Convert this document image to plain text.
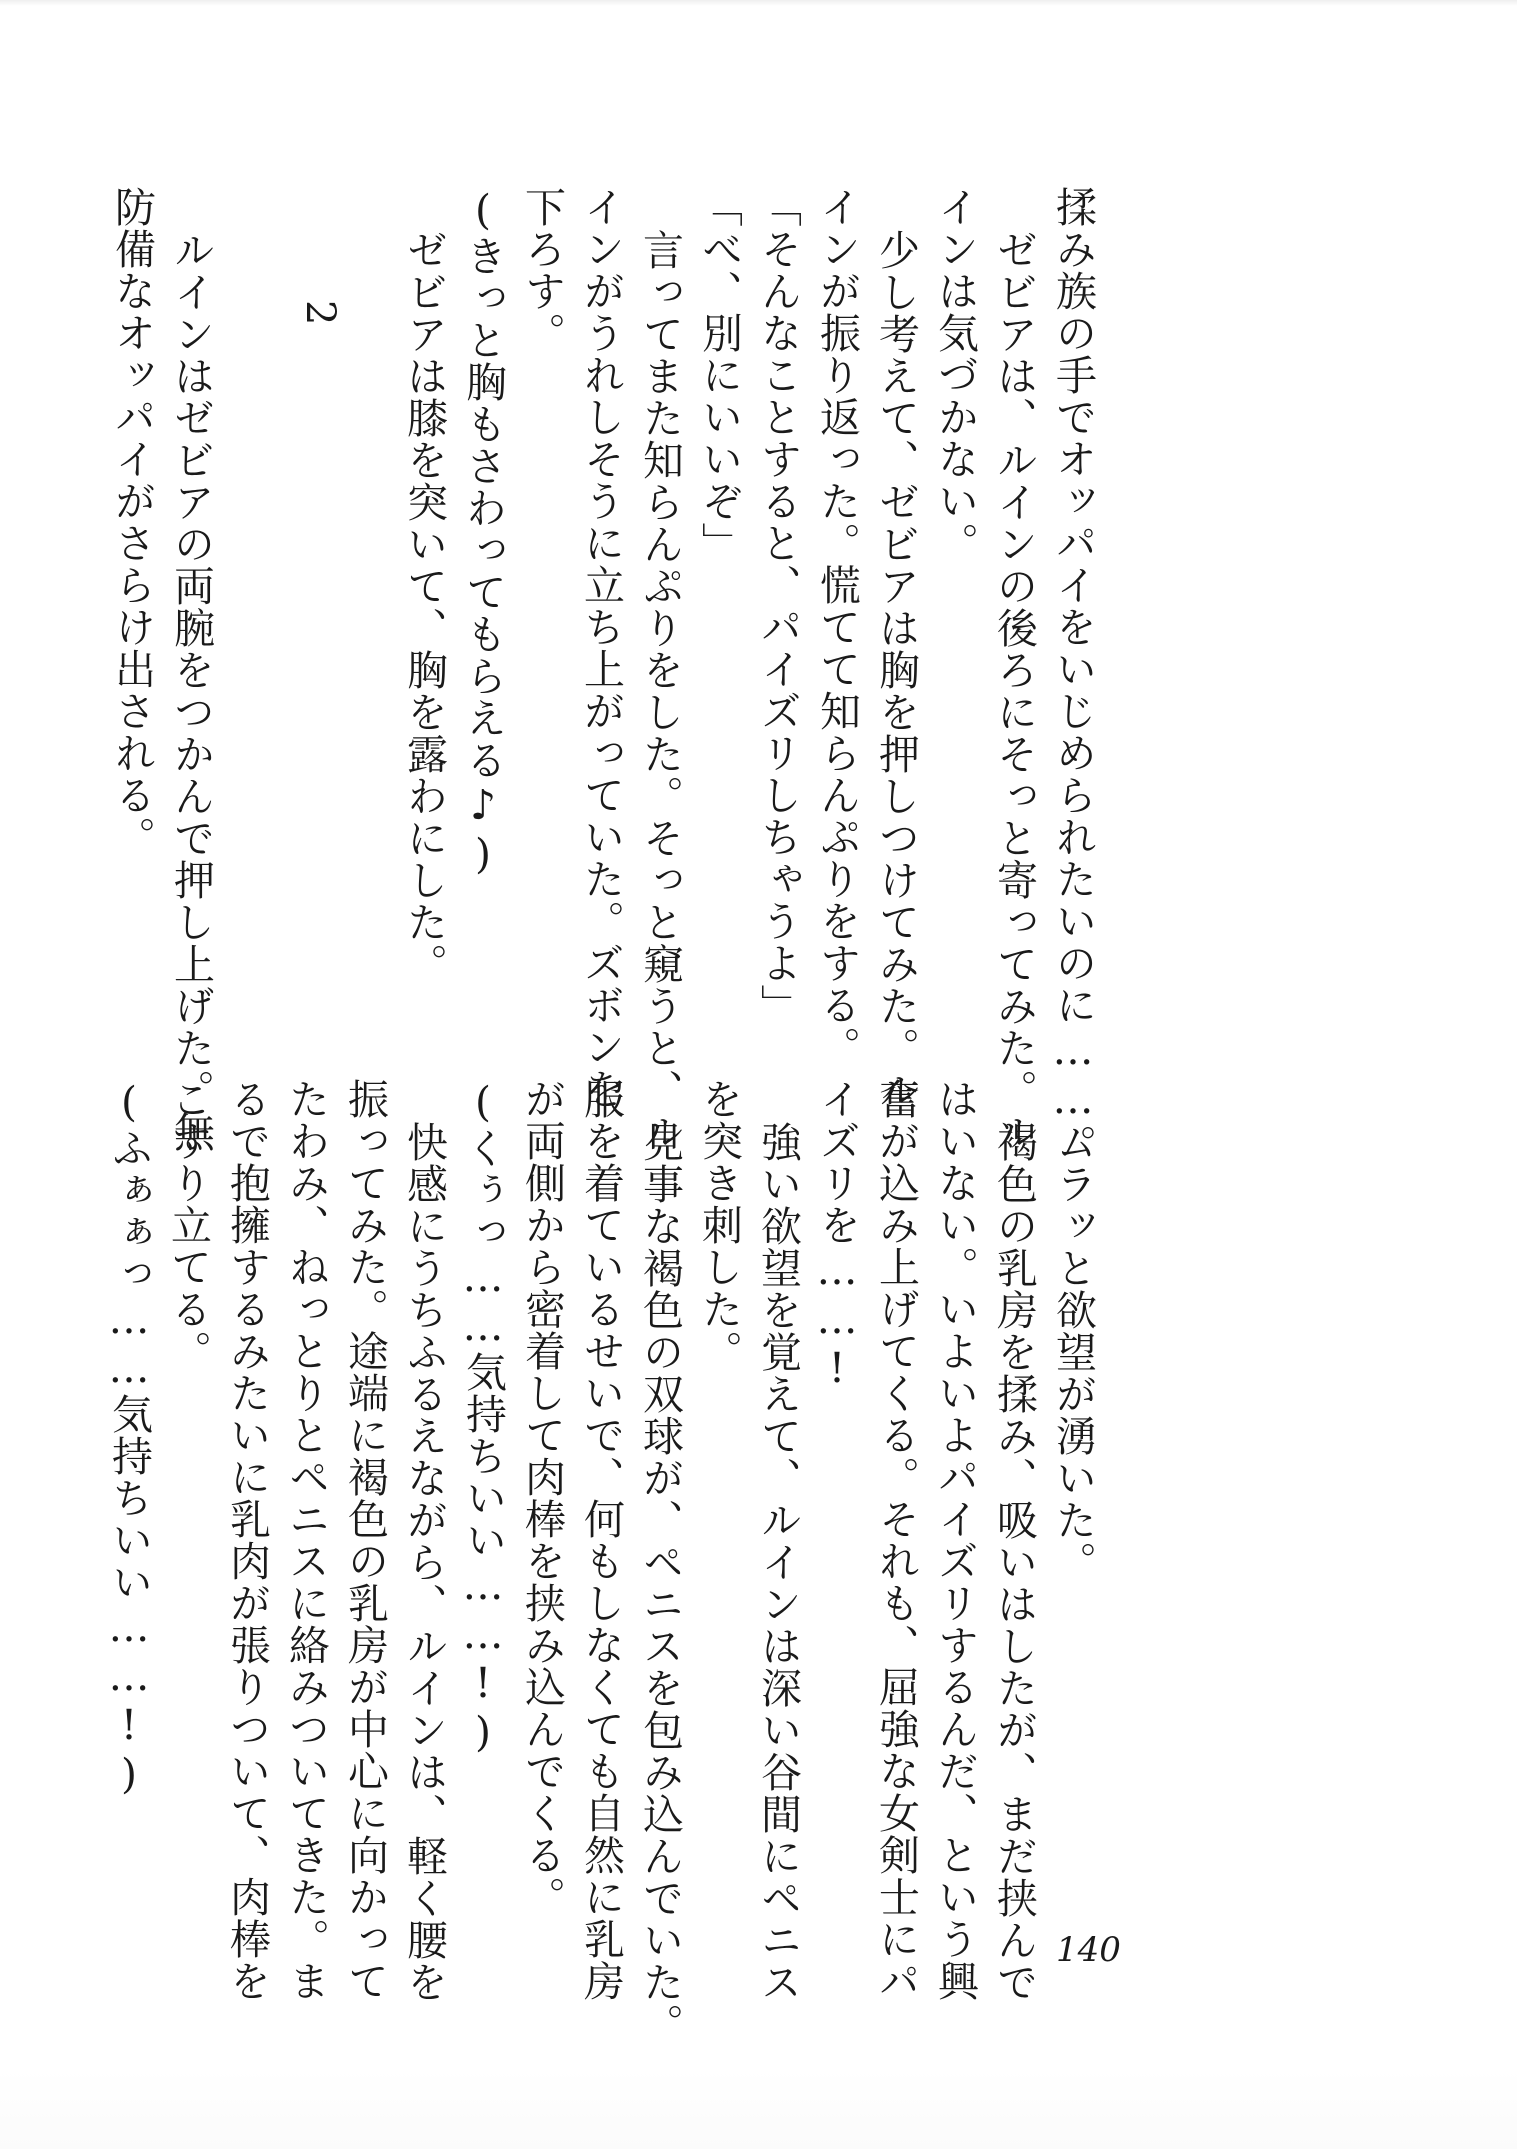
揉み族の手でオッパイをいじめられたいのに……。
ゼビアは、ルインの後ろにそっと寄ってみた。ル
インは気づかない。
少し考えて、ゼビアは胸を押しつけてみた。ル
インが振り返った。慌てて知らんぷりをする。
「そんなことすると、パイズリしちゃうよ」
「べ、別にいいぞ」
言ってまた知らんぷりをした。そっと窺うと、ル
インがうれしそうに立ち上がっていた。ズボンを
下ろす。
(きっと胸もさわってもらえる♪)
ゼビアは膝を突いて、胸を露わにした。
2
ルインはゼビアの両腕をつかんで押し上げた。無
防備なオッパイがさらけ出される。
ムラッと欲望が湧いた。
褐色の乳房を揉み、吸いはしたが、まだ挟んで
はいない。いよいよパイズリするんだ、という興
奮が込み上げてくる。それも、屈強な女剣士にパ
イズリを……!
強い欲望を覚えて、ルインは深い谷間にペニス
を突き刺した。
見事な褐色の双球が、ペニスを包み込んでいた。
服を着ているせいで、何もしなくても自然に乳房
が両側から密着して肉棒を挟み込んでくる。
(くぅっ……気持ちいい……!)
快感にうちふるえながら、ルインは、軽く腰を
振ってみた。途端に褐色の乳房が中心に向かって
たわみ、ねっとりとペニスに絡みついてきた。ま
るで抱擁するみたいに乳肉が張りついて、肉棒を
こすり立てる。
(ふぁぁっ……気持ちいい……!)
140
